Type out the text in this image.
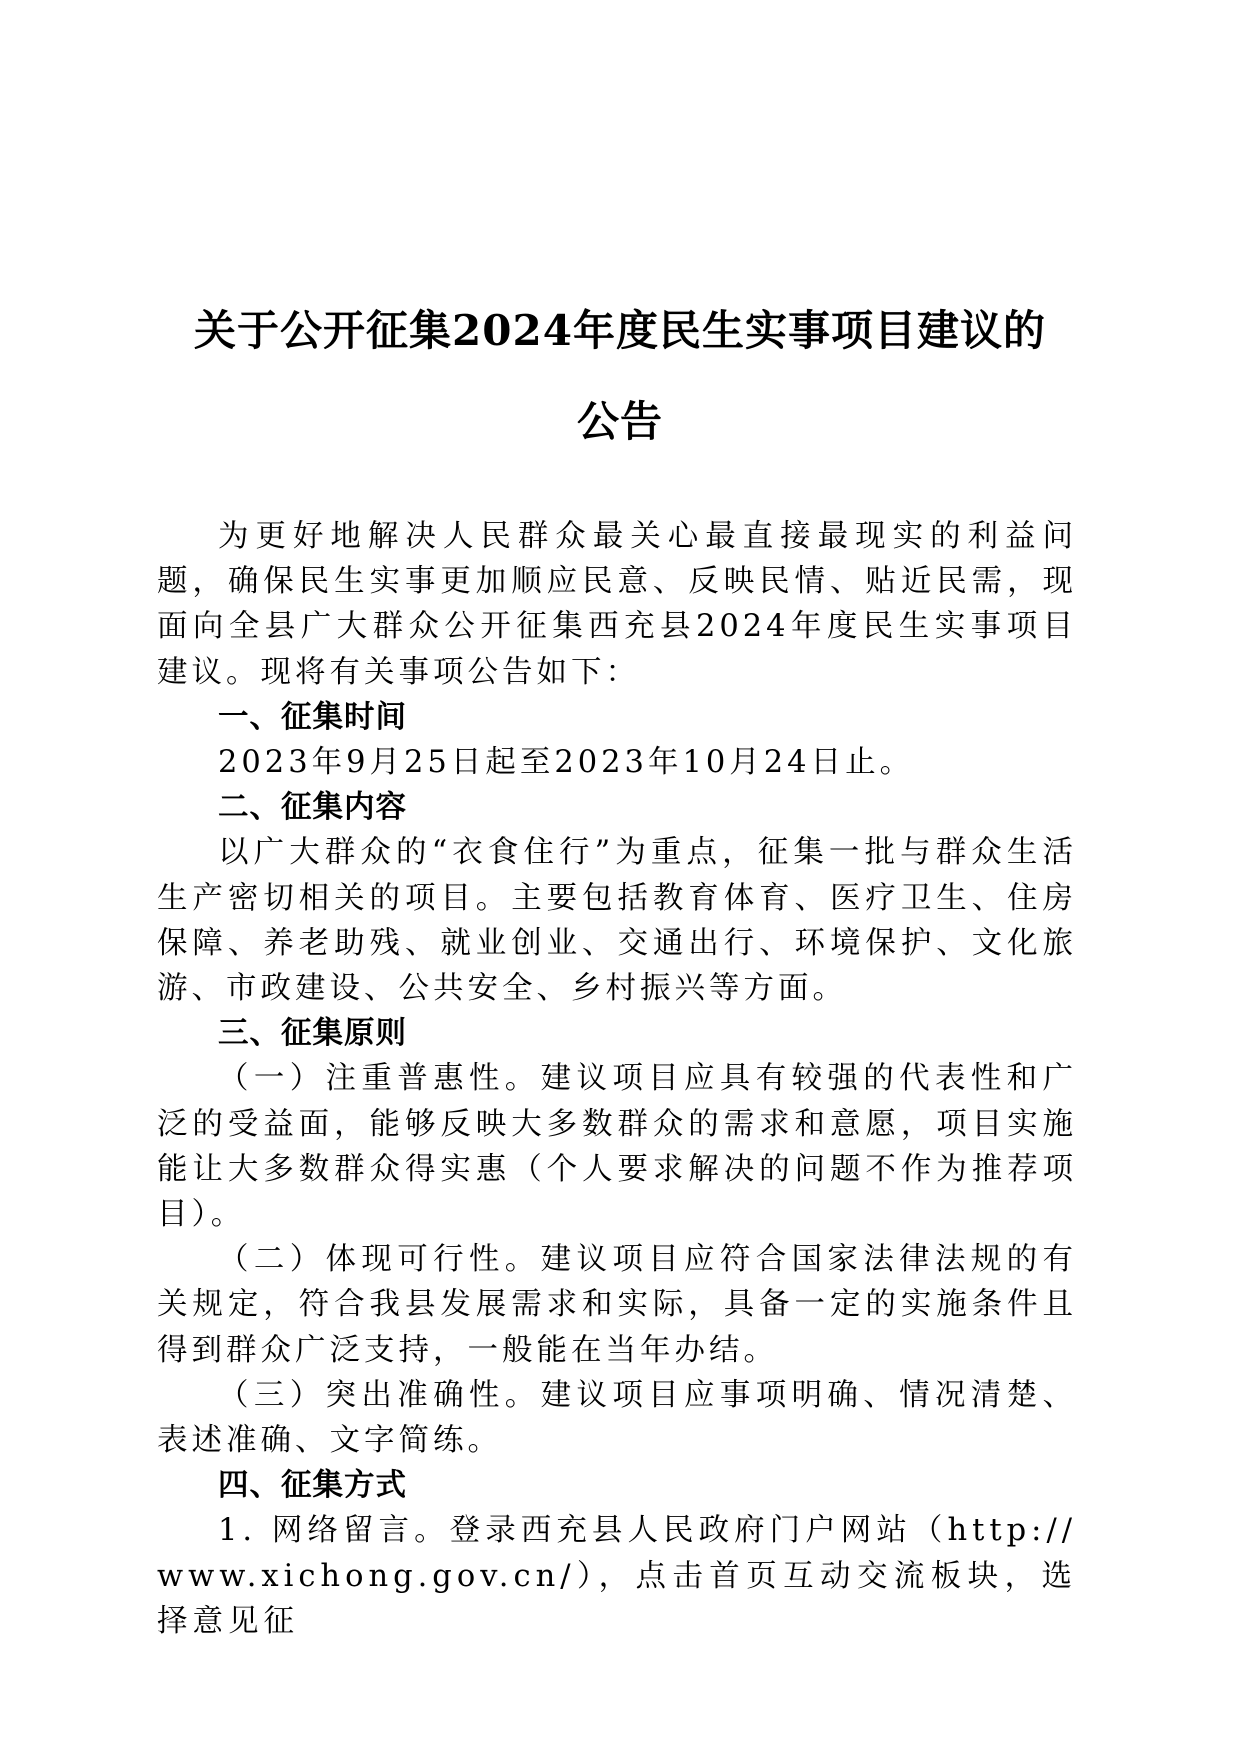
关于公开征集2024年度民生实事项目建议的
公告

为更好地解决人民群众最关心最直接最现实的利益问题，确保民生实事更加顺应民意、反映民情、贴近民需，现面向全县广大群众公开征集西充县2024年度民生实事项目建议。现将有关事项公告如下：

一、征集时间

2023年9月25日起至2023年10月24日止。

二、征集内容

以广大群众的“衣食住行”为重点，征集一批与群众生活生产密切相关的项目。主要包括教育体育、医疗卫生、住房保障、养老助残、就业创业、交通出行、环境保护、文化旅游、市政建设、公共安全、乡村振兴等方面。

三、征集原则

（一）注重普惠性。建议项目应具有较强的代表性和广泛的受益面，能够反映大多数群众的需求和意愿，项目实施能让大多数群众得实惠（个人要求解决的问题不作为推荐项目）。

（二）体现可行性。建议项目应符合国家法律法规的有关规定，符合我县发展需求和实际，具备一定的实施条件且得到群众广泛支持，一般能在当年办结。

（三）突出准确性。建议项目应事项明确、情况清楚、表述准确、文字简练。

四、征集方式

1. 网络留言。登录西充县人民政府门户网站（http://www.xichong.gov.cn/），点击首页互动交流板块，选择意见征
